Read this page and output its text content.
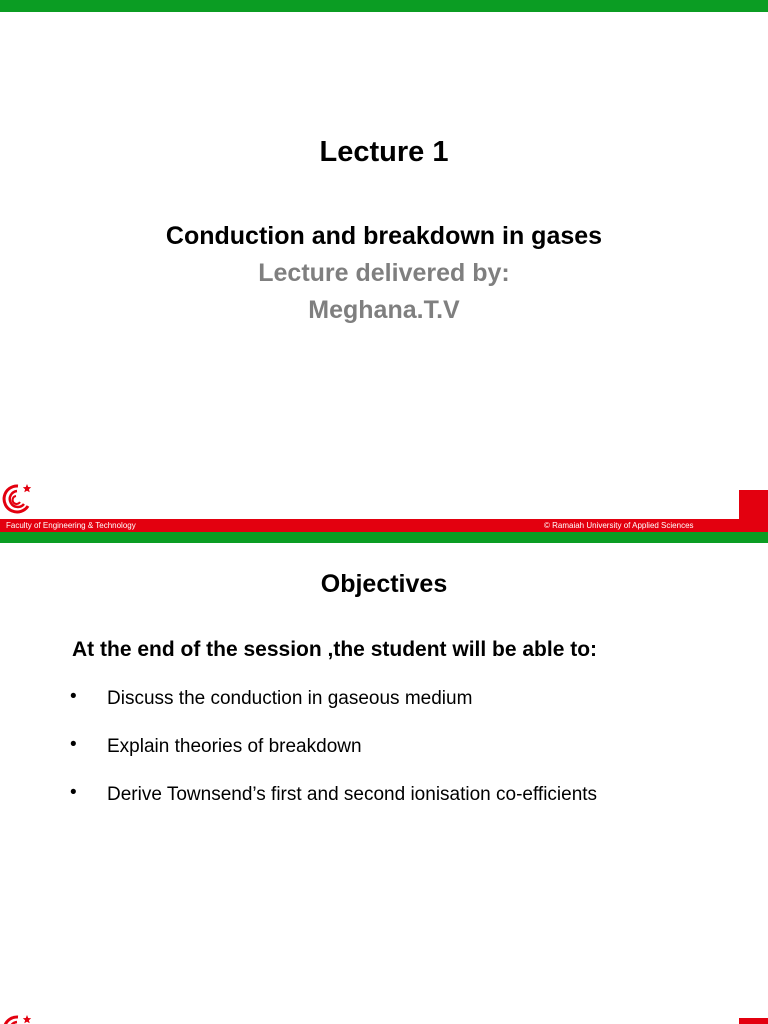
Lecture 1
Conduction and breakdown in gases
Lecture delivered by:
Meghana.T.V
Faculty of Engineering & Technology	© Ramaiah University of Applied Sciences
Objectives
At the end of the session ,the student will be able to:
• Discuss the conduction in gaseous medium
• Explain theories of breakdown
• Derive Townsend’s first and second ionisation co-efficients
